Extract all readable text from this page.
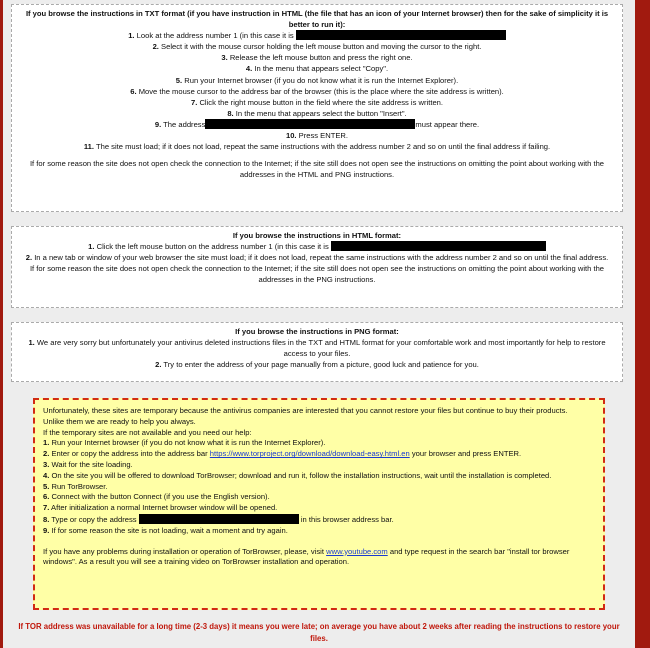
If you browse the instructions in TXT format (if you have instruction in HTML (the file that has an icon of your Internet browser) then for the sake of simplicity it is better to run it):
1. Look at the address number 1 (in this case it is
2. Select it with the mouse cursor holding the left mouse button and moving the cursor to the right.
3. Release the left mouse button and press the right one.
4. In the menu that appears select "Copy".
5. Run your Internet browser (if you do not know what it is run the Internet Explorer).
6. Move the mouse cursor to the address bar of the browser (this is the place where the site address is written).
7. Click the right mouse button in the field where the site address is written.
8. In the menu that appears select the button "Insert".
9. The address	must appear there.
10. Press ENTER.
11. The site must load; if it does not load, repeat the same instructions with the address number 2 and so on until the final address if failing.
If for some reason the site does not open check the connection to the Internet; if the site still does not open see the instructions on omitting the point about working with the addresses in the HTML and PNG instructions.
If you browse the instructions in HTML format:
1. Click the left mouse button on the address number 1 (in this case it is
2. In a new tab or window of your web browser the site must load; if it does not load, repeat the same instructions with the address number 2 and so on until the final address.
If for some reason the site does not open check the connection to the Internet; if the site still does not open see the instructions on omitting the point about working with the addresses in the PNG instructions.
If you browse the instructions in PNG format:
1. We are very sorry but unfortunately your antivirus deleted instructions files in the TXT and HTML format for your comfortable work and most importantly for help to restore access to your files.
2. Try to enter the address of your page manually from a picture, good luck and patience for you.

Unfortunately, these sites are temporary because the antivirus companies are interested that you cannot restore your files but continue to buy their products.

Unlike them we are ready to help you always.

If the temporary sites are not available and you need our help:

1. Run your Internet browser (if you do not know what it is run the Internet Explorer).

2. Enter or copy the address into the address bar https://www.torproject.org/download/download-easy.html.en your browser and press ENTER.

3. Wait for the site loading.

4. On the site you will be offered to download TorBrowser; download and run it, follow the installation instructions, wait until the installation is completed.

5. Run TorBrowser.

6. Connect with the button Connect (if you use the English version).

7. After initialization a normal Internet browser window will be opened.

8. Type or copy the address	in this browser address bar.

9. If for some reason the site is not loading, wait a moment and try again.

If you have any problems during installation or operation of TorBrowser, please, visit www.youtube.com and type request in the search bar "install tor browser windows". As a result you will see a training video on TorBrowser installation and operation.

If TOR address was unavailable for a long time (2-3 days) it means you were late; on average you have about 2 weeks after reading the instructions to restore your files.
